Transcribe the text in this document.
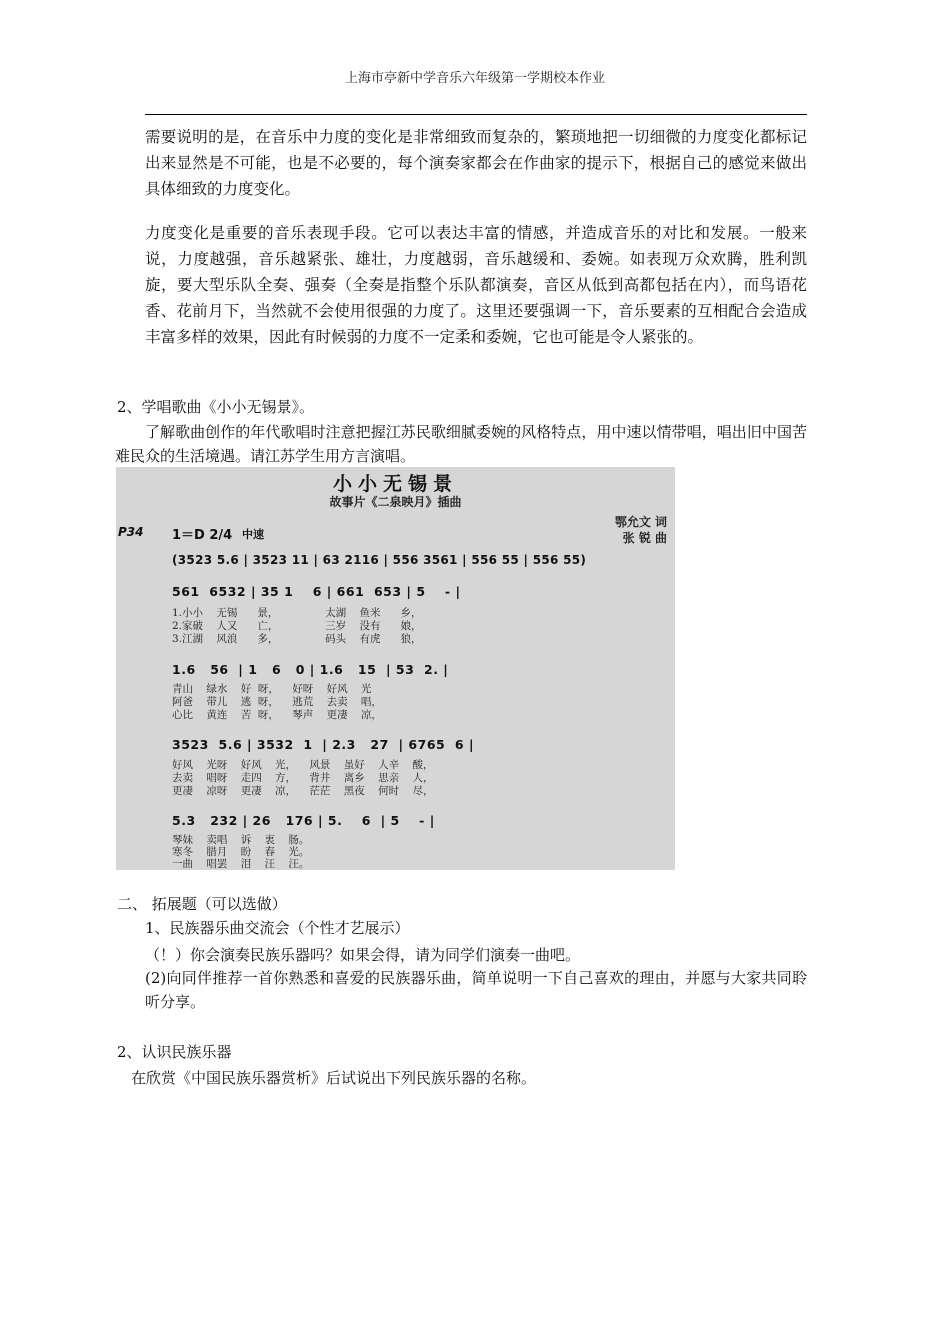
上海市亭新中学音乐六年级第一学期校本作业
需要说明的是，在音乐中力度的变化是非常细致而复杂的，繁琐地把一切细微的力度变化都标记出来显然是不可能，也是不必要的，每个演奏家都会在作曲家的提示下，根据自己的感觉来做出具体细致的力度变化。
力度变化是重要的音乐表现手段。它可以表达丰富的情感，并造成音乐的对比和发展。一般来说，力度越强，音乐越紧张、雄壮，力度越弱，音乐越缓和、委婉。如表现万众欢腾，胜利凯旋，要大型乐队全奏、强奏（全奏是指整个乐队都演奏，音区从低到高都包括在内），而鸟语花香、花前月下，当然就不会使用很强的力度了。这里还要强调一下，音乐要素的互相配合会造成丰富多样的效果，因此有时候弱的力度不一定柔和委婉，它也可能是令人紧张的。
2、学唱歌曲《小小无锡景》。
了解歌曲创作的年代歌唱时注意把握江苏民歌细腻委婉的风格特点，用中速以情带唱，唱出旧中国苦难民众的生活境遇。请江苏学生用方言演唱。
小小无锡景
故事片《二泉映月》插曲
鄂允文 词
张 锐 曲
P34 1＝D 2/4 中速
(3523 5.6 | 3523 11 | 63 2116 | 556 3561 | 556 55 | 556 55)
561  6532 | 35 1    6 | 661  653 | 5    - |
1.小小    无锡      景，              太湖    鱼米      乡，
2.家破    人又      亡，              三岁    没有      娘，
3.江湖    风浪      多，              码头    有虎      狼，
1.6   56  | 1   6   0 | 1.6   15  | 53  2. |
青山    绿水    好  呀，    好呀    好风    光
阿爸    带儿    逃  呀，    逃荒    去卖    唱，
心比    黄连    苦  呀，    琴声    更凄    凉，
3523  5.6 | 3532  1  | 2.3   27  | 6765  6 |
好风    光呀    好风    光，    风景    虽好    人辛    酸，
去卖    唱呀    走四    方，    背井    离乡    思亲    人，
更凄    凉呀    更凄    凉，    茫茫    黑夜    何时    尽，
5.3   232 | 26   176 | 5.    6  | 5    - |
琴妹    卖唱    诉    衷    肠。
寒冬    腊月    盼    春    光。
一曲    唱罢    泪    汪    汪。
二、 拓展题（可以选做）
1、民族器乐曲交流会（个性才艺展示）
（！）你会演奏民族乐器吗？如果会得，请为同学们演奏一曲吧。
(2)向同伴推荐一首你熟悉和喜爱的民族器乐曲，简单说明一下自己喜欢的理由，并愿与大家共同聆听分享。
2、认识民族乐器
在欣赏《中国民族乐器赏析》后试说出下列民族乐器的名称。
